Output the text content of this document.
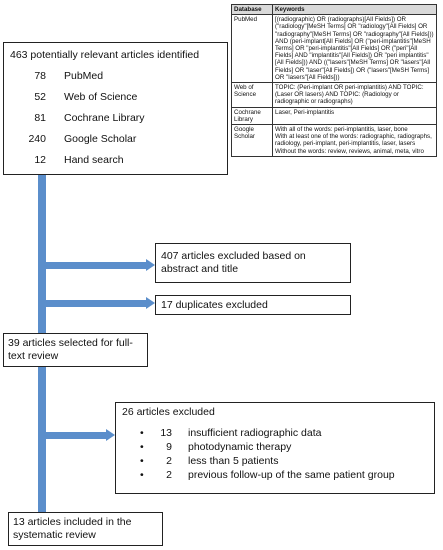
Database	Keywords
PubMed	[(radiographic) OR (radiographs)[All Fields]) OR ("radiology"[MeSH Terms] OR "radiology"[All Fields] OR "radiography"[MeSH Terms] OR "radiography"[All Fields])) AND (peri-implant[All Fields] OR ("peri-implantitis"[MeSH Terms] OR "peri-implantitis"[All Fields] OR ("peri"[All Fields] AND "implantitis"[All Fields]) OR "peri implantitis"[All Fields])) AND (("lasers"[MeSH Terms] OR "lasers"[All Fields] OR "laser"[All Fields]) OR ("lasers"[MeSH Terms] OR "lasers"[All Fields]))
Web of Science	TOPIC: (Peri-implant OR peri-implantitis) AND TOPIC: (Laser OR lasers) AND TOPIC: (Radiology or radiographic or radiographs)
Cochrane Library	Laser, Peri-implantitis
Google Scholar	With all of the words: peri-implantitis, laser, bone
With at least one of the words: radiographic, radiographs, radiology, peri-implant, peri-implantitis, laser, lasers
Without the words: review, reviews, animal, meta, vitro
463 potentially relevant articles identified
78 PubMed
52 Web of Science
81 Cochrane Library
240 Google Scholar
12 Hand search
407 articles excluded based on abstract and title
17 duplicates excluded
39 articles selected for full-text review
26 articles excluded
• 13 insufficient radiographic data
• 9 photodynamic therapy
• 2 less than 5 patients
• 2 previous follow-up of the same patient group
13 articles included in the systematic review
